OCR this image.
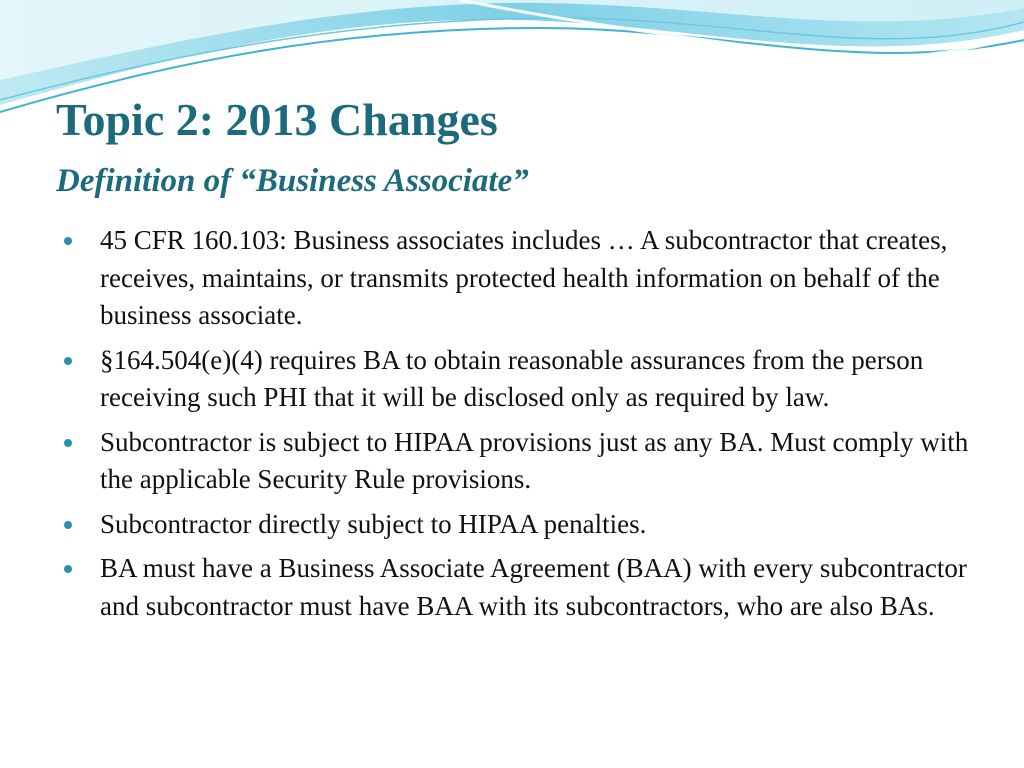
Topic 2: 2013 Changes
Definition of “Business Associate”
45 CFR 160.103: Business associates includes … A subcontractor that creates, receives, maintains, or transmits protected health information on behalf of the business associate.
§164.504(e)(4) requires BA to obtain reasonable assurances from the person receiving such PHI that it will be disclosed only as required by law.
Subcontractor is subject to HIPAA provisions just as any BA. Must comply with the applicable Security Rule provisions.
Subcontractor directly subject to HIPAA penalties.
BA must have a Business Associate Agreement (BAA) with every subcontractor and subcontractor must have BAA with its subcontractors, who are also BAs.
